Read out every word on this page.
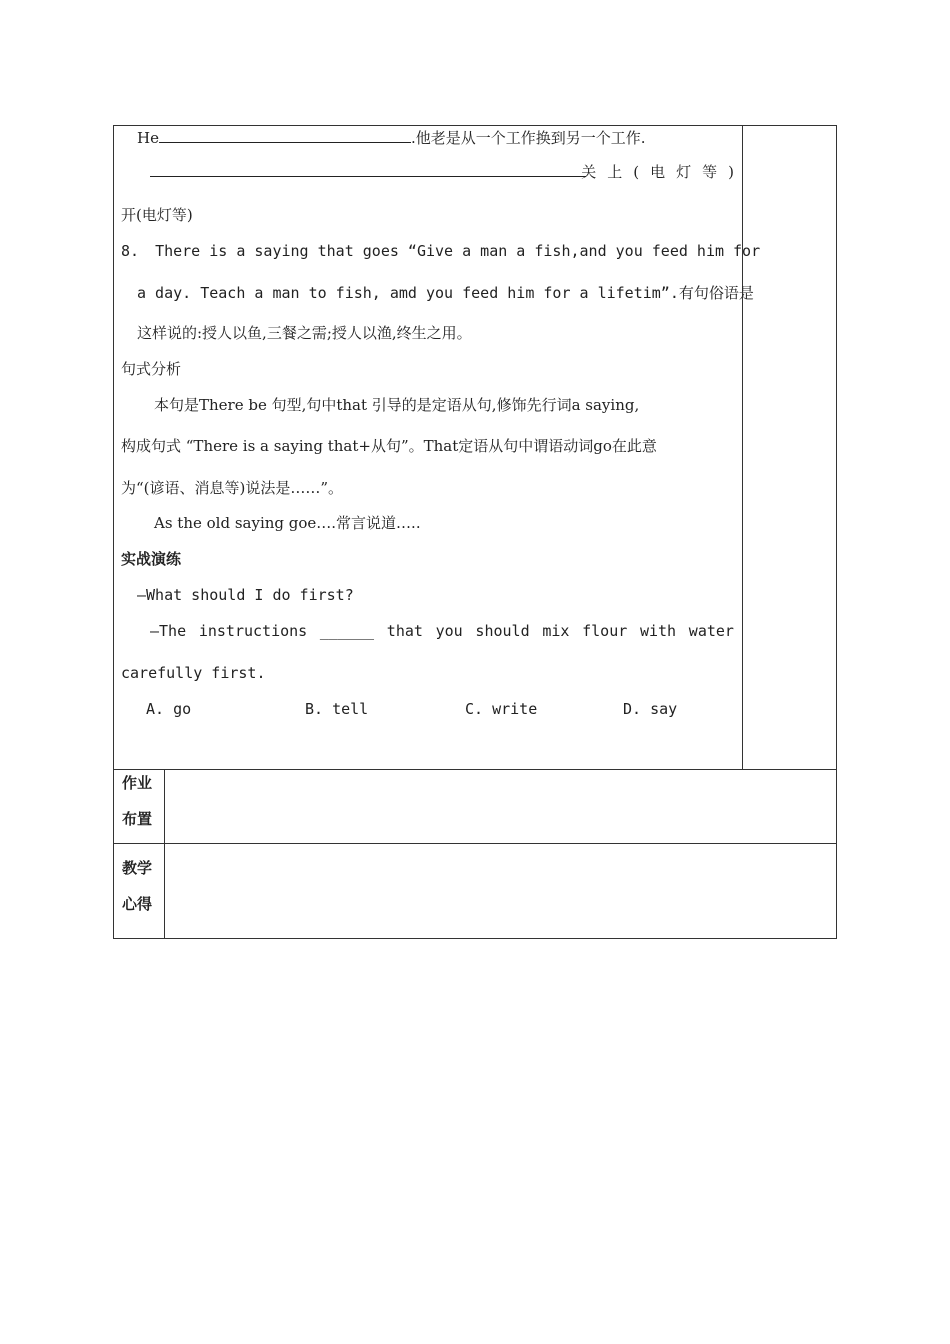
He	.他老是从一个工作换到另一个工作.
关上(电灯等)
开(电灯等)
8. There is a saying that goes “Give a man a fish,and you feed him for
a day. Teach a man to fish, amd you feed him for a lifetim”.有句俗语是
这样说的:授人以鱼,三餐之需;授人以渔,终生之用。
句式分析
本句是There be 句型,句中that 引导的是定语从句,修饰先行词a saying,
构成句式 “There is a saying that+从句”。That定语从句中谓语动词go在此意
为“(谚语、消息等)说法是……”。
As the old saying goe….常言说道…..
实战演练
—What should I do first?
—The instructions ______ that you should mix flour with water
carefully first.
A. go	B. tell	C. write	D. say
作业
布置
教学
心得
